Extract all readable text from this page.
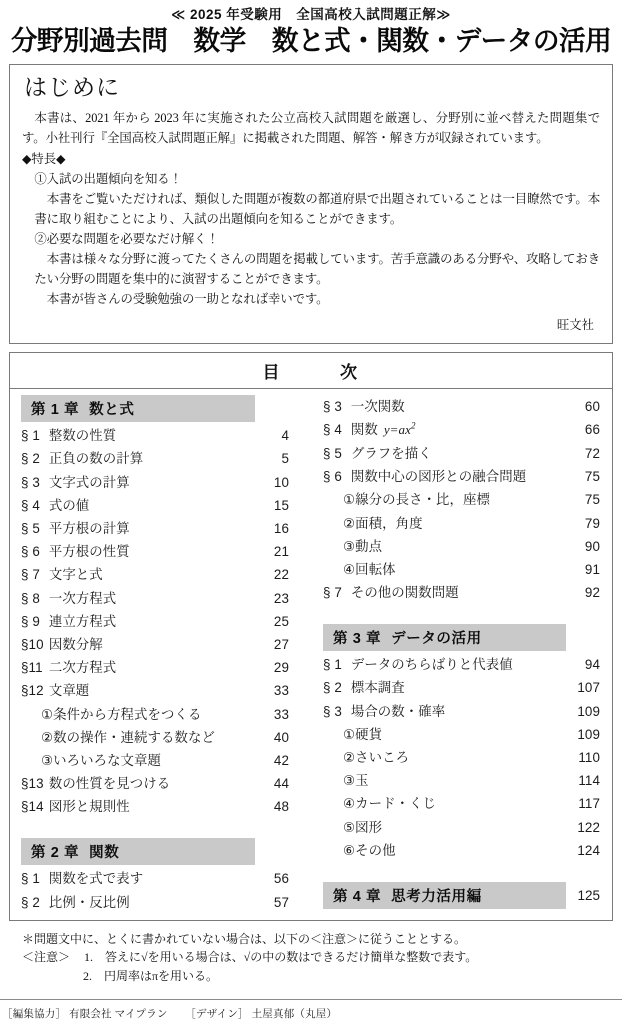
≪ 2025 年受験用　全国高校入試問題正解≫
分野別過去問　数学　数と式・関数・データの活用
はじめに

本書は、2021 年から 2023 年に実施された公立高校入試問題を厳選し、分野別に並べ替えた問題集です。小社刊行『全国高校入試問題正解』に掲載された問題、解答・解き方が収録されています。

◆特長◆

①入試の出題傾向を知る！

本書をご覧いただければ、類似した問題が複数の都道府県で出題されていることは一目瞭然です。本書に取り組むことにより、入試の出題傾向を知ることができます。

②必要な問題を必要なだけ解く！

本書は様々な分野に渡ってたくさんの問題を掲載しています。苦手意識のある分野や、攻略しておきたい分野の問題を集中的に演習することができます。

本書が皆さんの受験勉強の一助となれば幸いです。

旺文社
目	次
第 1 章 数と式
§ 1 整数の性質	4
§ 2 正負の数の計算	5
§ 3 文字式の計算	10
§ 4 式の値	15
§ 5 平方根の計算	16
§ 6 平方根の性質	21
§ 7 文字と式	22
§ 8 一次方程式	23
§ 9 連立方程式	25
§10 因数分解	27
§11 二次方程式	29
§12 文章題	33
①条件から方程式をつくる	33
②数の操作・連続する数など	40
③いろいろな文章題	42
§13 数の性質を見つける	44
§14 図形と規則性	48
第 2 章 関数
§ 1 関数を式で表す	56
§ 2 比例・反比例	57
§ 3 一次関数	60
§ 4 関数 $y=ax^2$	66
§ 5 グラフを描く	72
§ 6 関数中心の図形との融合問題	75
①線分の長さ・比，座標	75
②面積，角度	79
③動点	90
④回転体	91
§ 7 その他の関数問題	92
第 3 章 データの活用
§ 1 データのちらばりと代表値	94
§ 2 標本調査	107
§ 3 場合の数・確率	109
①硬貨	109
②さいころ	110
③玉	114
④カード・くじ	117
⑤図形	122
⑥その他	124
第 4 章 思考力活用編	125
＊問題文中に、とくに書かれていない場合は、以下の＜注意＞に従うこととする。
＜注意＞ 1.　答えに√を用いる場合は、√の中の数はできるだけ簡単な整数で表す。
2.　円周率はπを用いる。
［編集協力］ 有限会社 マイプラン ［デザイン］ 土屋真郁（丸屋）
